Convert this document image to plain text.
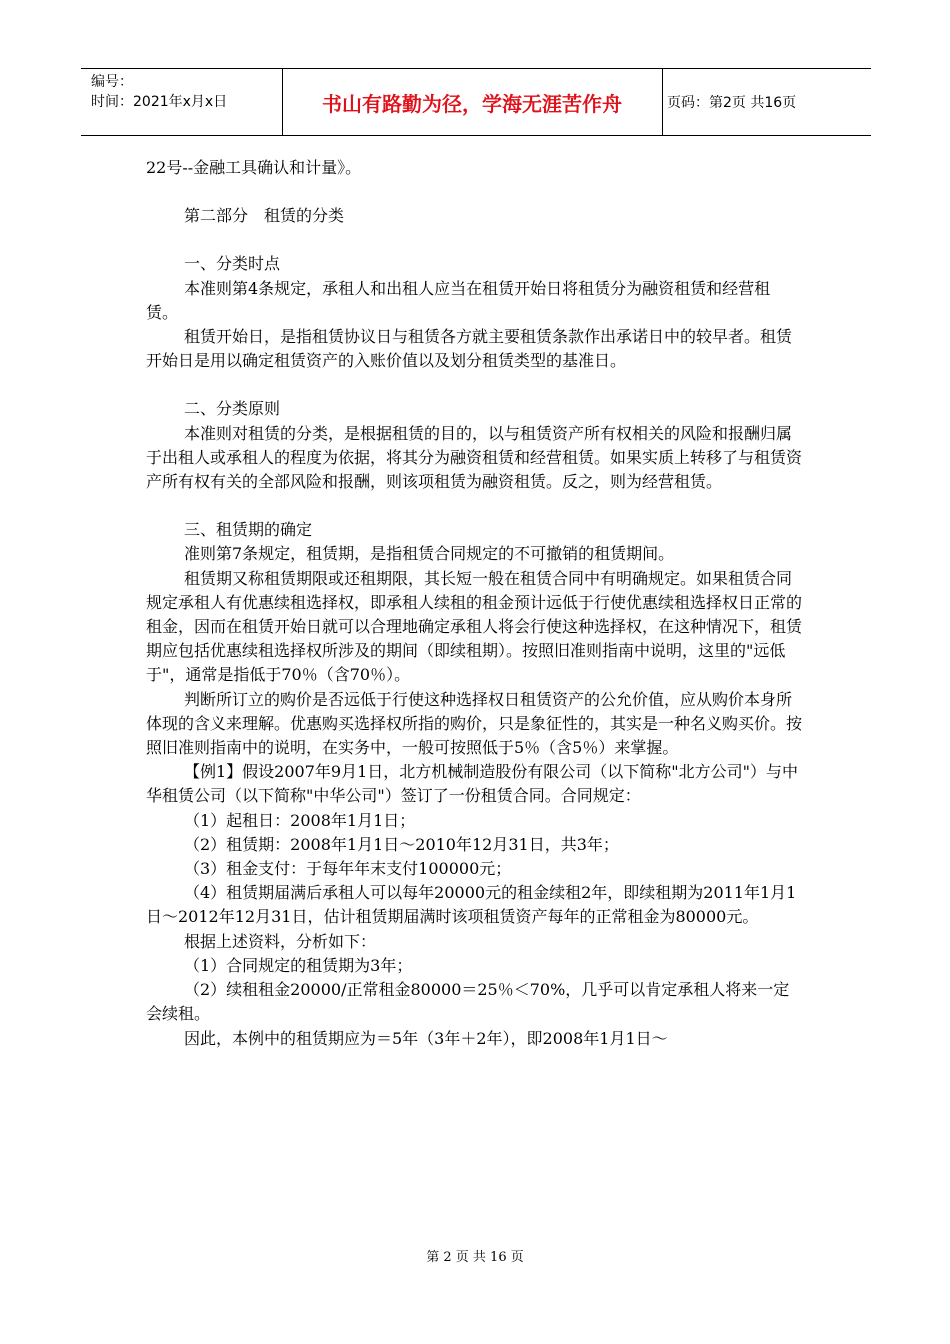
编号：
时间：2021年x月x日	书山有路勤为径，学海无涯苦作舟	页码：第2页 共16页

22号--金融工具确认和计量》。

第二部分　租赁的分类

一、分类时点

本准则第4条规定，承租人和出租人应当在租赁开始日将租赁分为融资租赁和经营租赁。

租赁开始日，是指租赁协议日与租赁各方就主要租赁条款作出承诺日中的较早者。租赁开始日是用以确定租赁资产的入账价值以及划分租赁类型的基准日。

二、分类原则

本准则对租赁的分类，是根据租赁的目的，以与租赁资产所有权相关的风险和报酬归属于出租人或承租人的程度为依据，将其分为融资租赁和经营租赁。如果实质上转移了与租赁资产所有权有关的全部风险和报酬，则该项租赁为融资租赁。反之，则为经营租赁。

三、租赁期的确定

准则第7条规定，租赁期，是指租赁合同规定的不可撤销的租赁期间。

租赁期又称租赁期限或还租期限，其长短一般在租赁合同中有明确规定。如果租赁合同规定承租人有优惠续租选择权，即承租人续租的租金预计远低于行使优惠续租选择权日正常的租金，因而在租赁开始日就可以合理地确定承租人将会行使这种选择权，在这种情况下，租赁期应包括优惠续租选择权所涉及的期间（即续租期）。按照旧准则指南中说明，这里的"远低于"，通常是指低于70％（含70％）。

判断所订立的购价是否远低于行使这种选择权日租赁资产的公允价值，应从购价本身所体现的含义来理解。优惠购买选择权所指的购价，只是象征性的，其实是一种名义购买价。按照旧准则指南中的说明，在实务中，一般可按照低于5％（含5％）来掌握。

【例1】假设2007年9月1日，北方机械制造股份有限公司（以下简称"北方公司"）与中华租赁公司（以下简称"中华公司"）签订了一份租赁合同。合同规定：

（1）起租日：2008年1月1日；

（2）租赁期：2008年1月1日～2010年12月31日，共3年；

（3）租金支付：于每年年末支付100000元；

（4）租赁期届满后承租人可以每年20000元的租金续租2年，即续租期为2011年1月1日～2012年12月31日，估计租赁期届满时该项租赁资产每年的正常租金为80000元。

根据上述资料，分析如下：

（1）合同规定的租赁期为3年；

（2）续租租金20000/正常租金80000＝25％＜70%，几乎可以肯定承租人将来一定会续租。

因此，本例中的租赁期应为＝5年（3年＋2年），即2008年1月1日～

第 2 页 共 16 页
